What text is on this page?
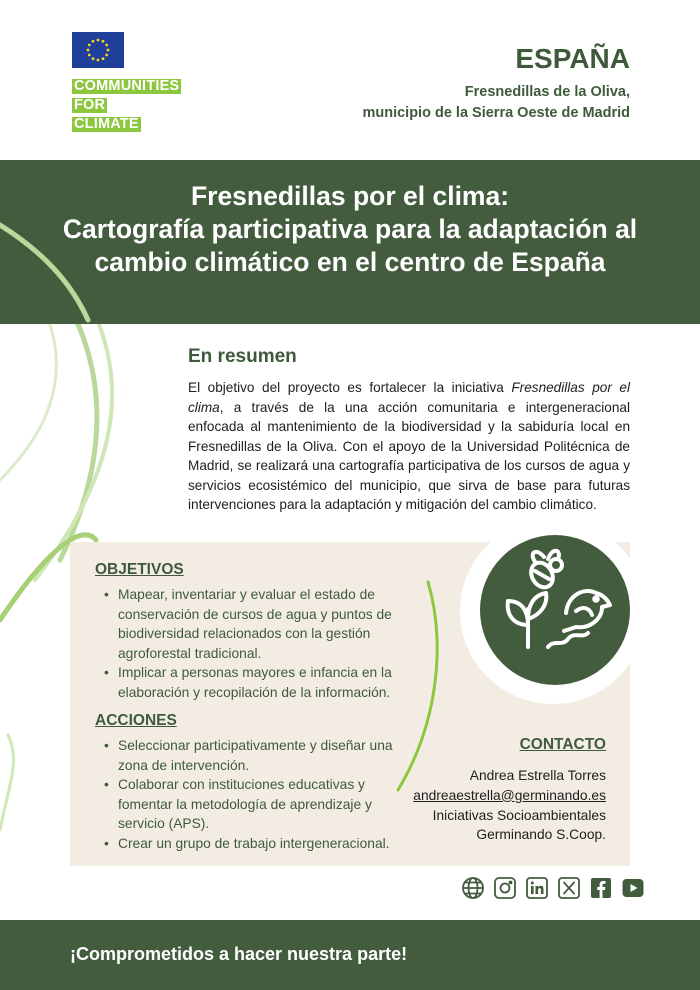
COMMUNITIES
FOR
CLIMATE
ESPAÑA
Fresnedillas de la Oliva,
municipio de la Sierra Oeste de Madrid
Fresnedillas por el clima:
Cartografía participativa para la adaptación al
cambio climático en el centro de España
En resumen
El objetivo del proyecto es fortalecer la iniciativa Fresnedillas por el clima, a través de la una acción comunitaria e intergeneracional enfocada al mantenimiento de la biodiversidad y la sabiduría local en Fresnedillas de la Oliva. Con el apoyo de la Universidad Politécnica de Madrid, se realizará una cartografía participativa de los cursos de agua y servicios ecosistémico del municipio, que sirva de base para futuras intervenciones para la adaptación y mitigación del cambio climático.
OBJETIVOS
• Mapear, inventariar y evaluar el estado de conservación de cursos de agua y puntos de biodiversidad relacionados con la gestión agroforestal tradicional.
• Implicar a personas mayores e infancia en la elaboración y recopilación de la información.
ACCIONES
• Seleccionar participativamente y diseñar una zona de intervención.
• Colaborar con instituciones educativas y fomentar la metodología de aprendizaje y servicio (APS).
• Crear un grupo de trabajo intergeneracional.
CONTACTO
Andrea Estrella Torres
andreaestrella@germinando.es
Iniciativas Socioambientales
Germinando S.Coop.
¡Comprometidos a hacer nuestra parte!
